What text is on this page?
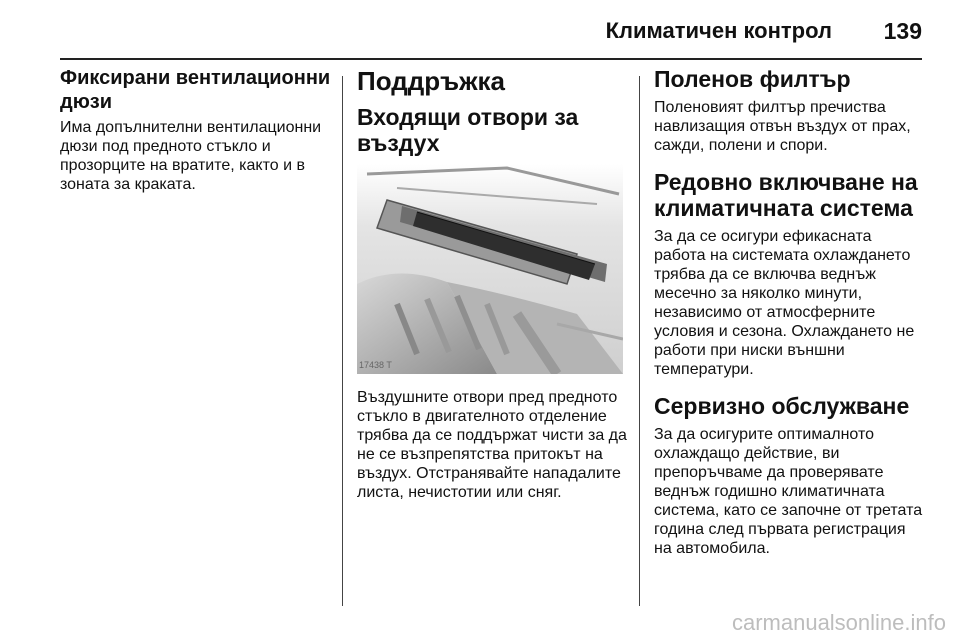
Климатичен контрол 139
Фиксирани вентилационни дюзи

Има допълнителни вентилационни дюзи под предното стъкло и прозорците на вратите, както и в зоната за краката.

Поддръжка
Входящи отвори за въздух
17438 T

Въздушните отвори пред предното стъкло в двигателното отделение трябва да се поддържат чисти за да не се възпрепятства притокът на въздух. Отстранявайте нападалите листа, нечистотии или сняг.

Поленов филтър

Поленовият филтър пречиства навлизащия отвън въздух от прах, сажди, полени и спори.

Редовно включване на климатичната система

За да се осигури ефикасната работа на системата охлаждането трябва да се включва веднъж месечно за няколко минути, независимо от атмосферните условия и сезона. Охлаждането не работи при ниски външни температури.

Сервизно обслужване

За да осигурите оптималното охлаждащо действие, ви препоръчваме да проверявате веднъж годишно климатичната система, като се започне от третата година след първата регистрация на автомобила.

carmanualsonline.info
